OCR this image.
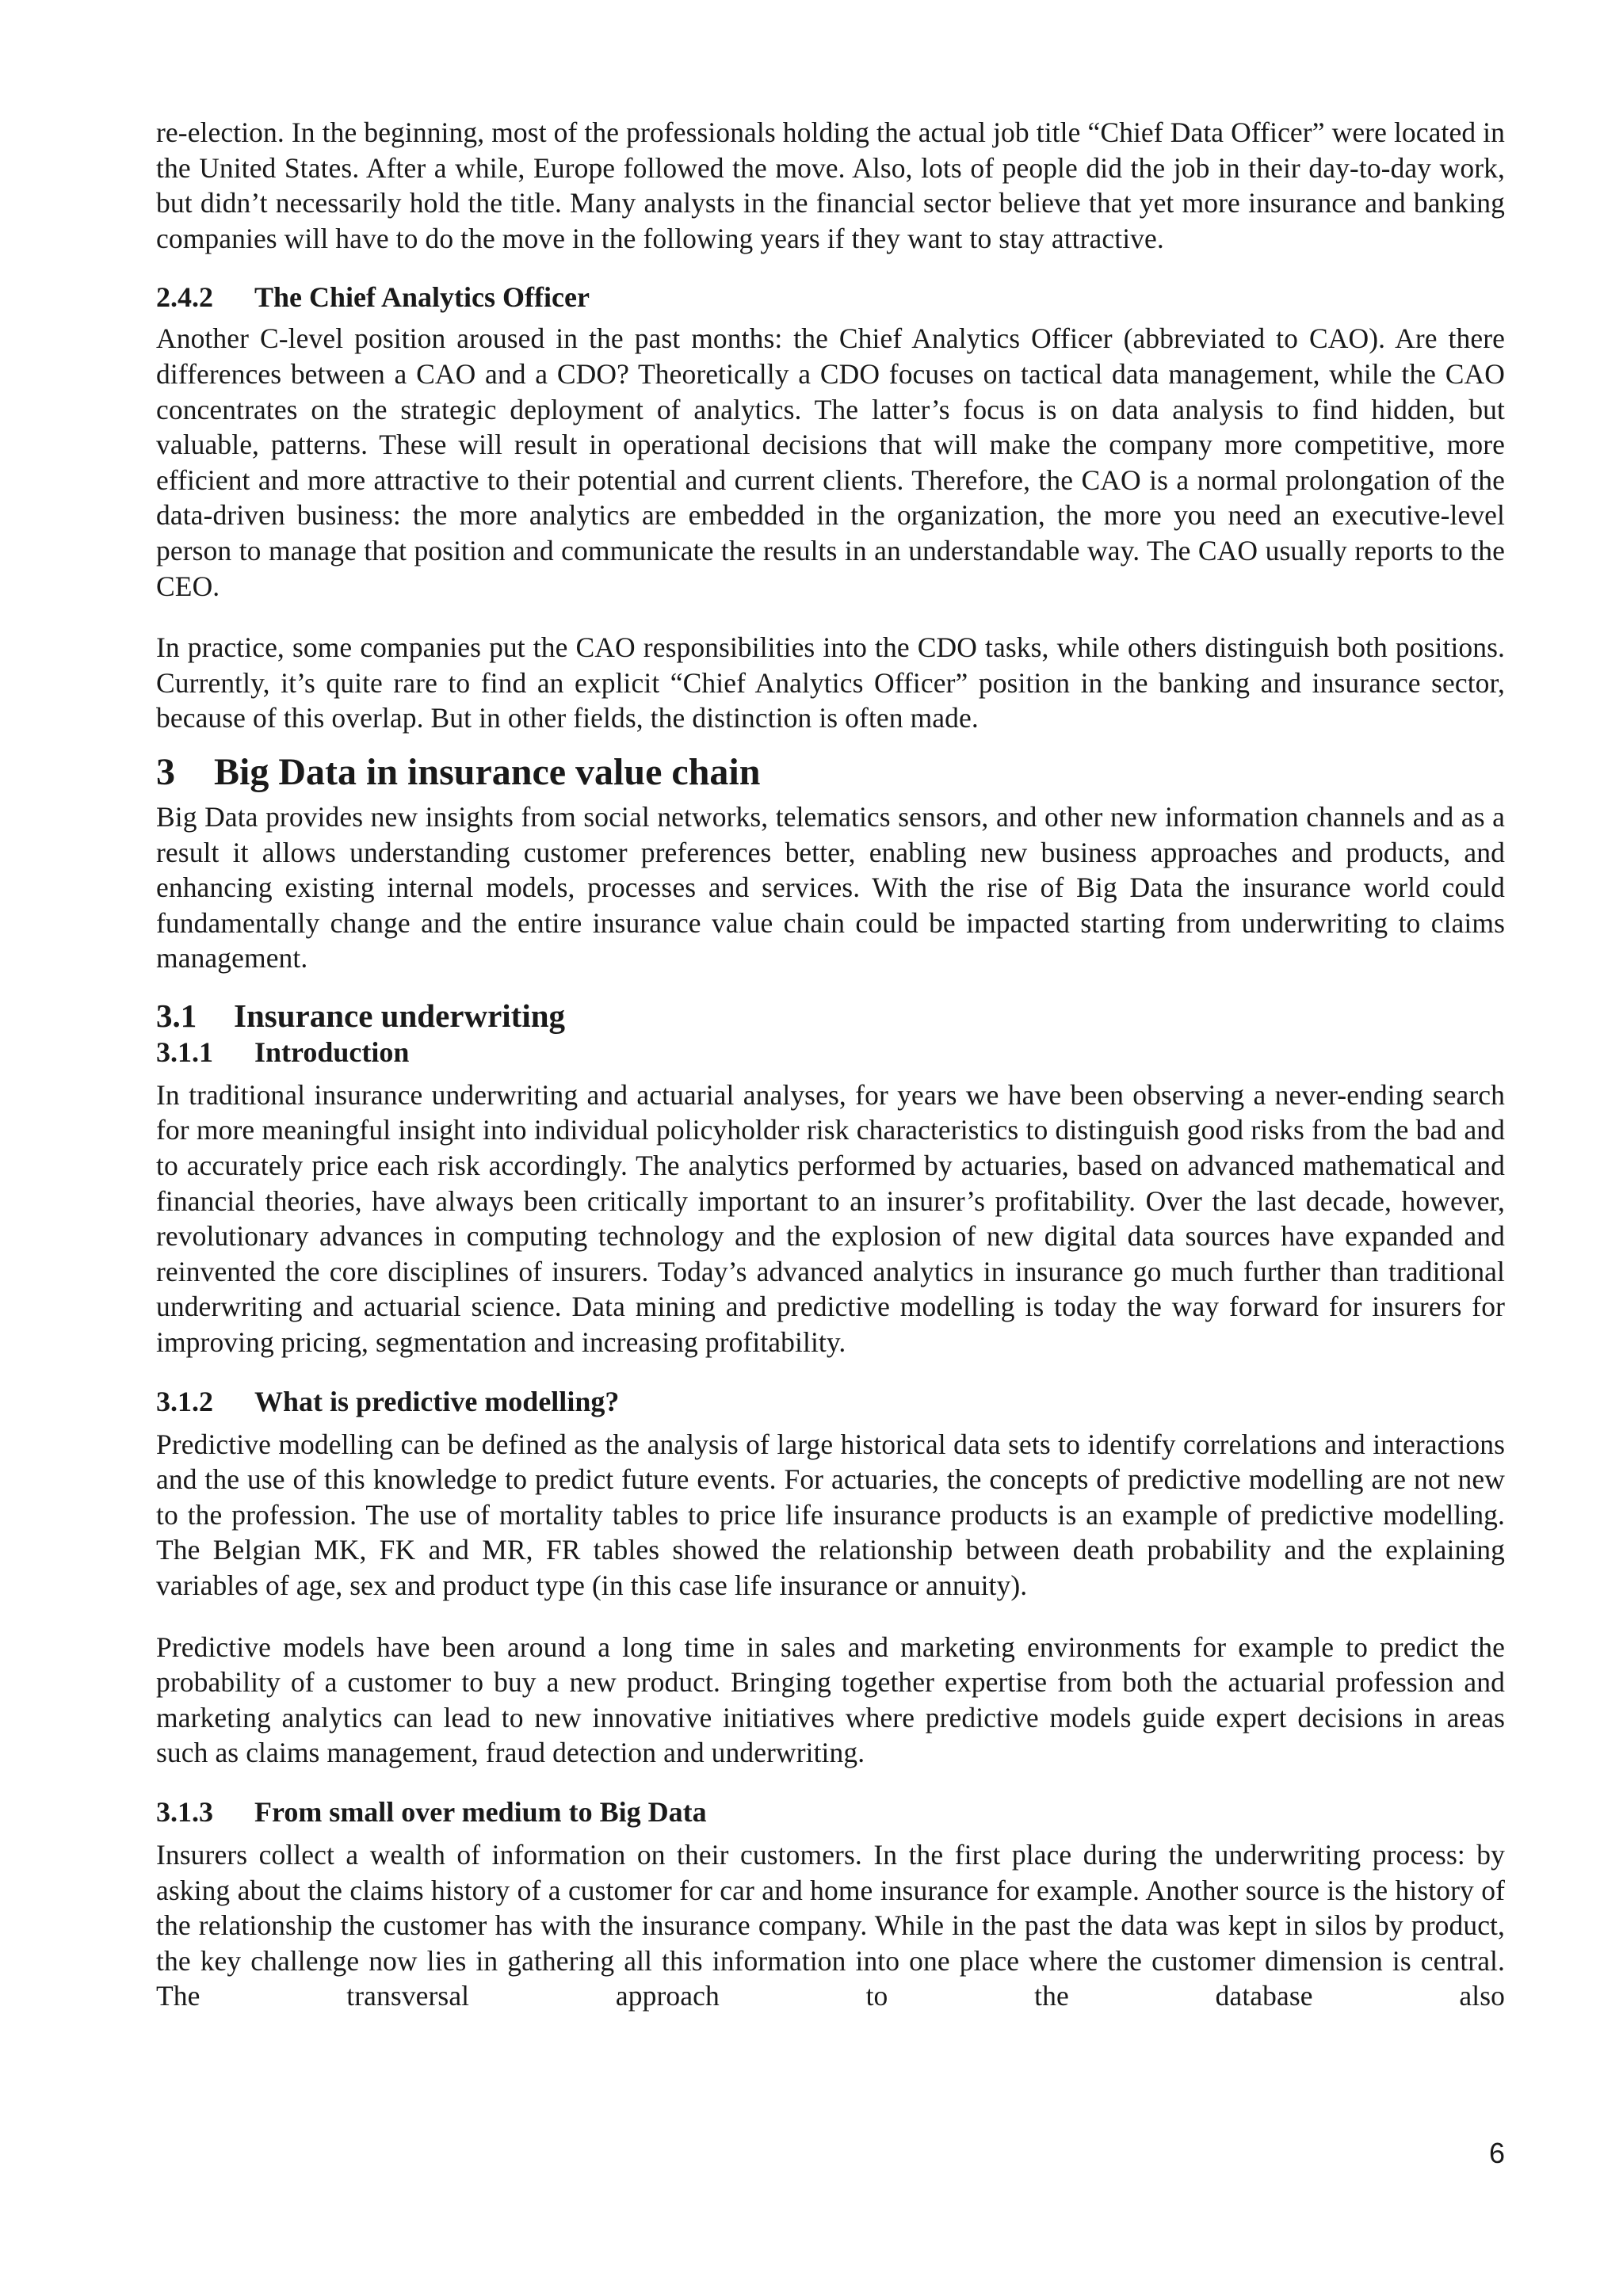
re-election. In the beginning, most of the professionals holding the actual job title “Chief Data Officer” were located in the United States. After a while, Europe followed the move. Also, lots of people did the job in their day-to-day work, but didn’t necessarily hold the title. Many analysts in the financial sector believe that yet more insurance and banking companies will have to do the move in the following years if they want to stay attractive.

2.4.2	The Chief Analytics Officer

Another C-level position aroused in the past months: the Chief Analytics Officer (abbreviated to CAO). Are there differences between a CAO and a CDO? Theoretically a CDO focuses on tactical data management, while the CAO concentrates on the strategic deployment of analytics. The latter’s focus is on data analysis to find hidden, but valuable, patterns. These will result in operational decisions that will make the company more competitive, more efficient and more attractive to their potential and current clients. Therefore, the CAO is a normal prolongation of the data-driven business: the more analytics are embedded in the organization, the more you need an executive-level person to manage that position and communicate the results in an understandable way. The CAO usually reports to the CEO.

In practice, some companies put the CAO responsibilities into the CDO tasks, while others distinguish both positions. Currently, it’s quite rare to find an explicit “Chief Analytics Officer” position in the banking and insurance sector, because of this overlap. But in other fields, the distinction is often made.

3	Big Data in insurance value chain

Big Data provides new insights from social networks, telematics sensors, and other new information channels and as a result it allows understanding customer preferences better, enabling new business approaches and products, and enhancing existing internal models, processes and services. With the rise of Big Data the insurance world could fundamentally change and the entire insurance value chain could be impacted starting from underwriting to claims management.

3.1	Insurance underwriting
3.1.1	Introduction

In traditional insurance underwriting and actuarial analyses, for years we have been observing a never-ending search for more meaningful insight into individual policyholder risk characteristics to distinguish good risks from the bad and to accurately price each risk accordingly. The analytics performed by actuaries, based on advanced mathematical and financial theories, have always been critically important to an insurer’s profitability. Over the last decade, however, revolutionary advances in computing technology and the explosion of new digital data sources have expanded and reinvented the core disciplines of insurers. Today’s advanced analytics in insurance go much further than traditional underwriting and actuarial science. Data mining and predictive modelling is today the way forward for insurers for improving pricing, segmentation and increasing profitability.

3.1.2	What is predictive modelling?

Predictive modelling can be defined as the analysis of large historical data sets to identify correlations and interactions and the use of this knowledge to predict future events. For actuaries, the concepts of predictive modelling are not new to the profession. The use of mortality tables to price life insurance products is an example of predictive modelling. The Belgian MK, FK and MR, FR tables showed the relationship between death probability and the explaining variables of age, sex and product type (in this case life insurance or annuity).

Predictive models have been around a long time in sales and marketing environments for example to predict the probability of a customer to buy a new product. Bringing together expertise from both the actuarial profession and marketing analytics can lead to new innovative initiatives where predictive models guide expert decisions in areas such as claims management, fraud detection and underwriting.

3.1.3	From small over medium to Big Data

Insurers collect a wealth of information on their customers. In the first place during the underwriting process: by asking about the claims history of a customer for car and home insurance for example. Another source is the history of the relationship the customer has with the insurance company. While in the past the data was kept in silos by product, the key challenge now lies in gathering all this information into one place where the customer dimension is central. The transversal approach to the database also

6
